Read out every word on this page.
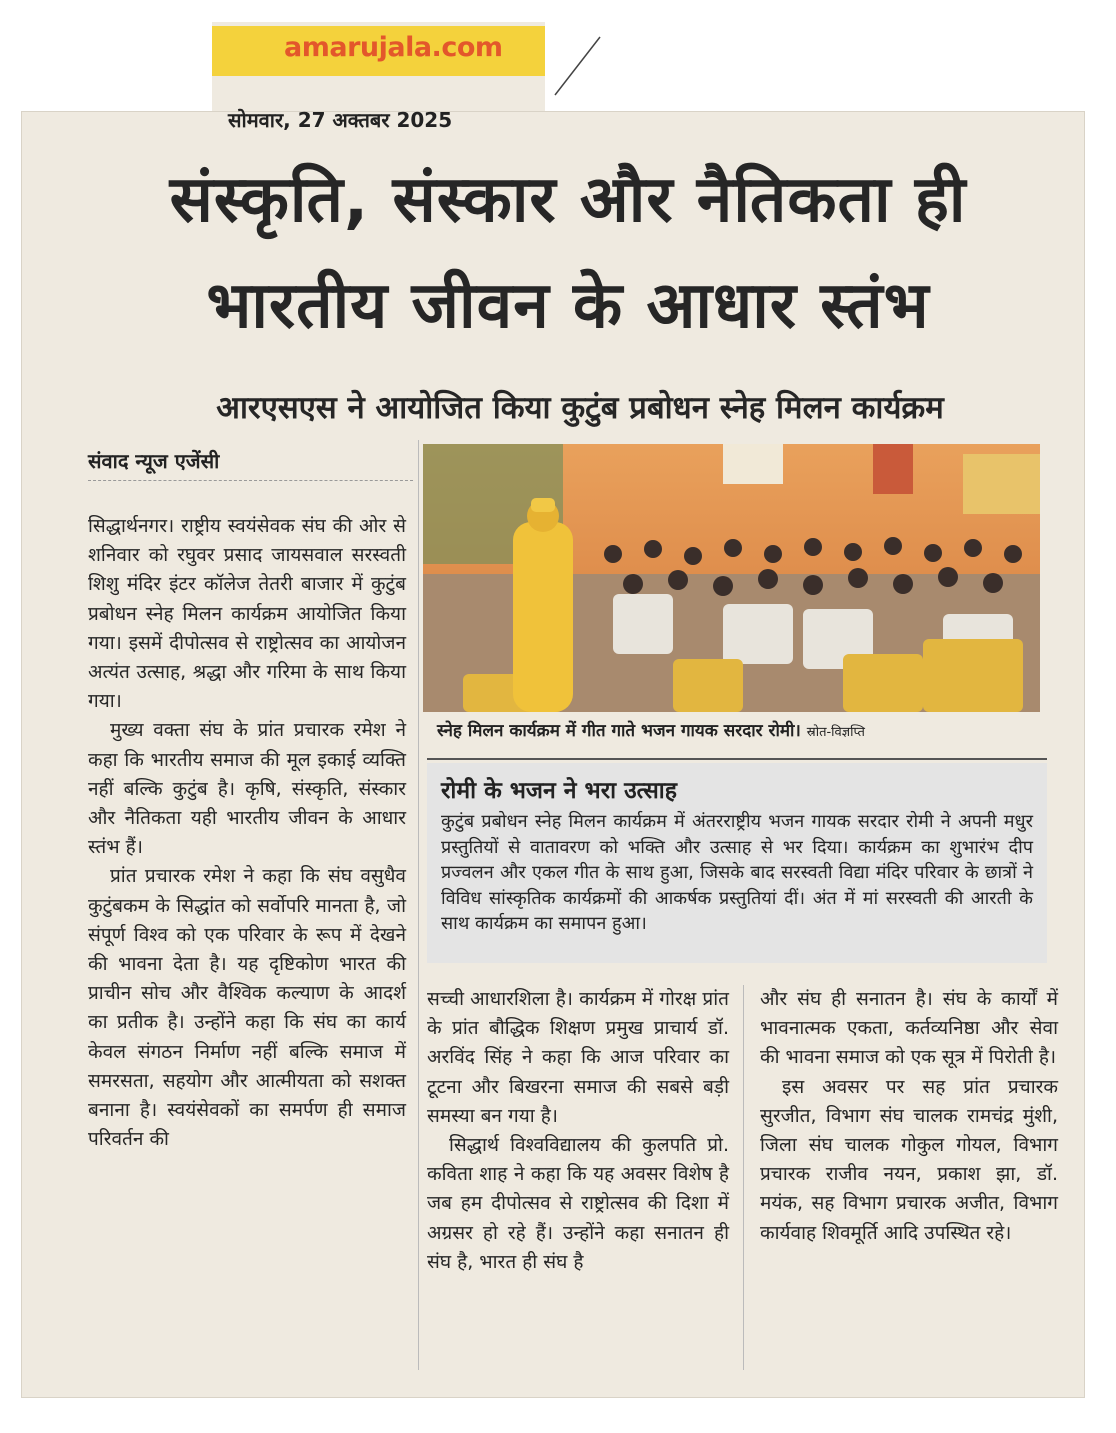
amarujala.com
सोमवार, 27 अक्तबर 2025
संस्कृति, संस्कार और नैतिकता ही
भारतीय जीवन के आधार स्तंभ
आरएसएस ने आयोजित किया कुटुंब प्रबोधन स्नेह मिलन कार्यक्रम
संवाद न्यूज एजेंसी

सिद्धार्थनगर। राष्ट्रीय स्वयंसेवक संघ की ओर से शनिवार को रघुवर प्रसाद जायसवाल सरस्वती शिशु मंदिर इंटर कॉलेज तेतरी बाजार में कुटुंब प्रबोधन स्नेह मिलन कार्यक्रम आयोजित किया गया। इसमें दीपोत्सव से राष्ट्रोत्सव का आयोजन अत्यंत उत्साह, श्रद्धा और गरिमा के साथ किया गया।

मुख्य वक्ता संघ के प्रांत प्रचारक रमेश ने कहा कि भारतीय समाज की मूल इकाई व्यक्ति नहीं बल्कि कुटुंब है। कृषि, संस्कृति, संस्कार और नैतिकता यही भारतीय जीवन के आधार स्तंभ हैं।

प्रांत प्रचारक रमेश ने कहा कि संघ वसुधैव कुटुंबकम के सिद्धांत को सर्वोपरि मानता है, जो संपूर्ण विश्व को एक परिवार के रूप में देखने की भावना देता है। यह दृष्टिकोण भारत की प्राचीन सोच और वैश्विक कल्याण के आदर्श का प्रतीक है। उन्होंने कहा कि संघ का कार्य केवल संगठन निर्माण नहीं बल्कि समाज में समरसता, सहयोग और आत्मीयता को सशक्त बनाना है। स्वयंसेवकों का समर्पण ही समाज परिवर्तन की

स्नेह मिलन कार्यक्रम में गीत गाते भजन गायक सरदार रोमी। स्रोत-विज्ञप्ति
रोमी के भजन ने भरा उत्साह
कुटुंब प्रबोधन स्नेह मिलन कार्यक्रम में अंतरराष्ट्रीय भजन गायक सरदार रोमी ने अपनी मधुर प्रस्तुतियों से वातावरण को भक्ति और उत्साह से भर दिया। कार्यक्रम का शुभारंभ दीप प्रज्वलन और एकल गीत के साथ हुआ, जिसके बाद सरस्वती विद्या मंदिर परिवार के छात्रों ने विविध सांस्कृतिक कार्यक्रमों की आकर्षक प्रस्तुतियां दीं। अंत में मां सरस्वती की आरती के साथ कार्यक्रम का समापन हुआ।

सच्ची आधारशिला है। कार्यक्रम में गोरक्ष प्रांत के प्रांत बौद्धिक शिक्षण प्रमुख प्राचार्य डॉ. अरविंद सिंह ने कहा कि आज परिवार का टूटना और बिखरना समाज की सबसे बड़ी समस्या बन गया है।

सिद्धार्थ विश्वविद्यालय की कुलपति प्रो. कविता शाह ने कहा कि यह अवसर विशेष है जब हम दीपोत्सव से राष्ट्रोत्सव की दिशा में अग्रसर हो रहे हैं। उन्होंने कहा सनातन ही संघ है, भारत ही संघ है

और संघ ही सनातन है। संघ के कार्यों में भावनात्मक एकता, कर्तव्यनिष्ठा और सेवा की भावना समाज को एक सूत्र में पिरोती है।

इस अवसर पर सह प्रांत प्रचारक सुरजीत, विभाग संघ चालक रामचंद्र मुंशी, जिला संघ चालक गोकुल गोयल, विभाग प्रचारक राजीव नयन, प्रकाश झा, डॉ. मयंक, सह विभाग प्रचारक अजीत, विभाग कार्यवाह शिवमूर्ति आदि उपस्थित रहे।
